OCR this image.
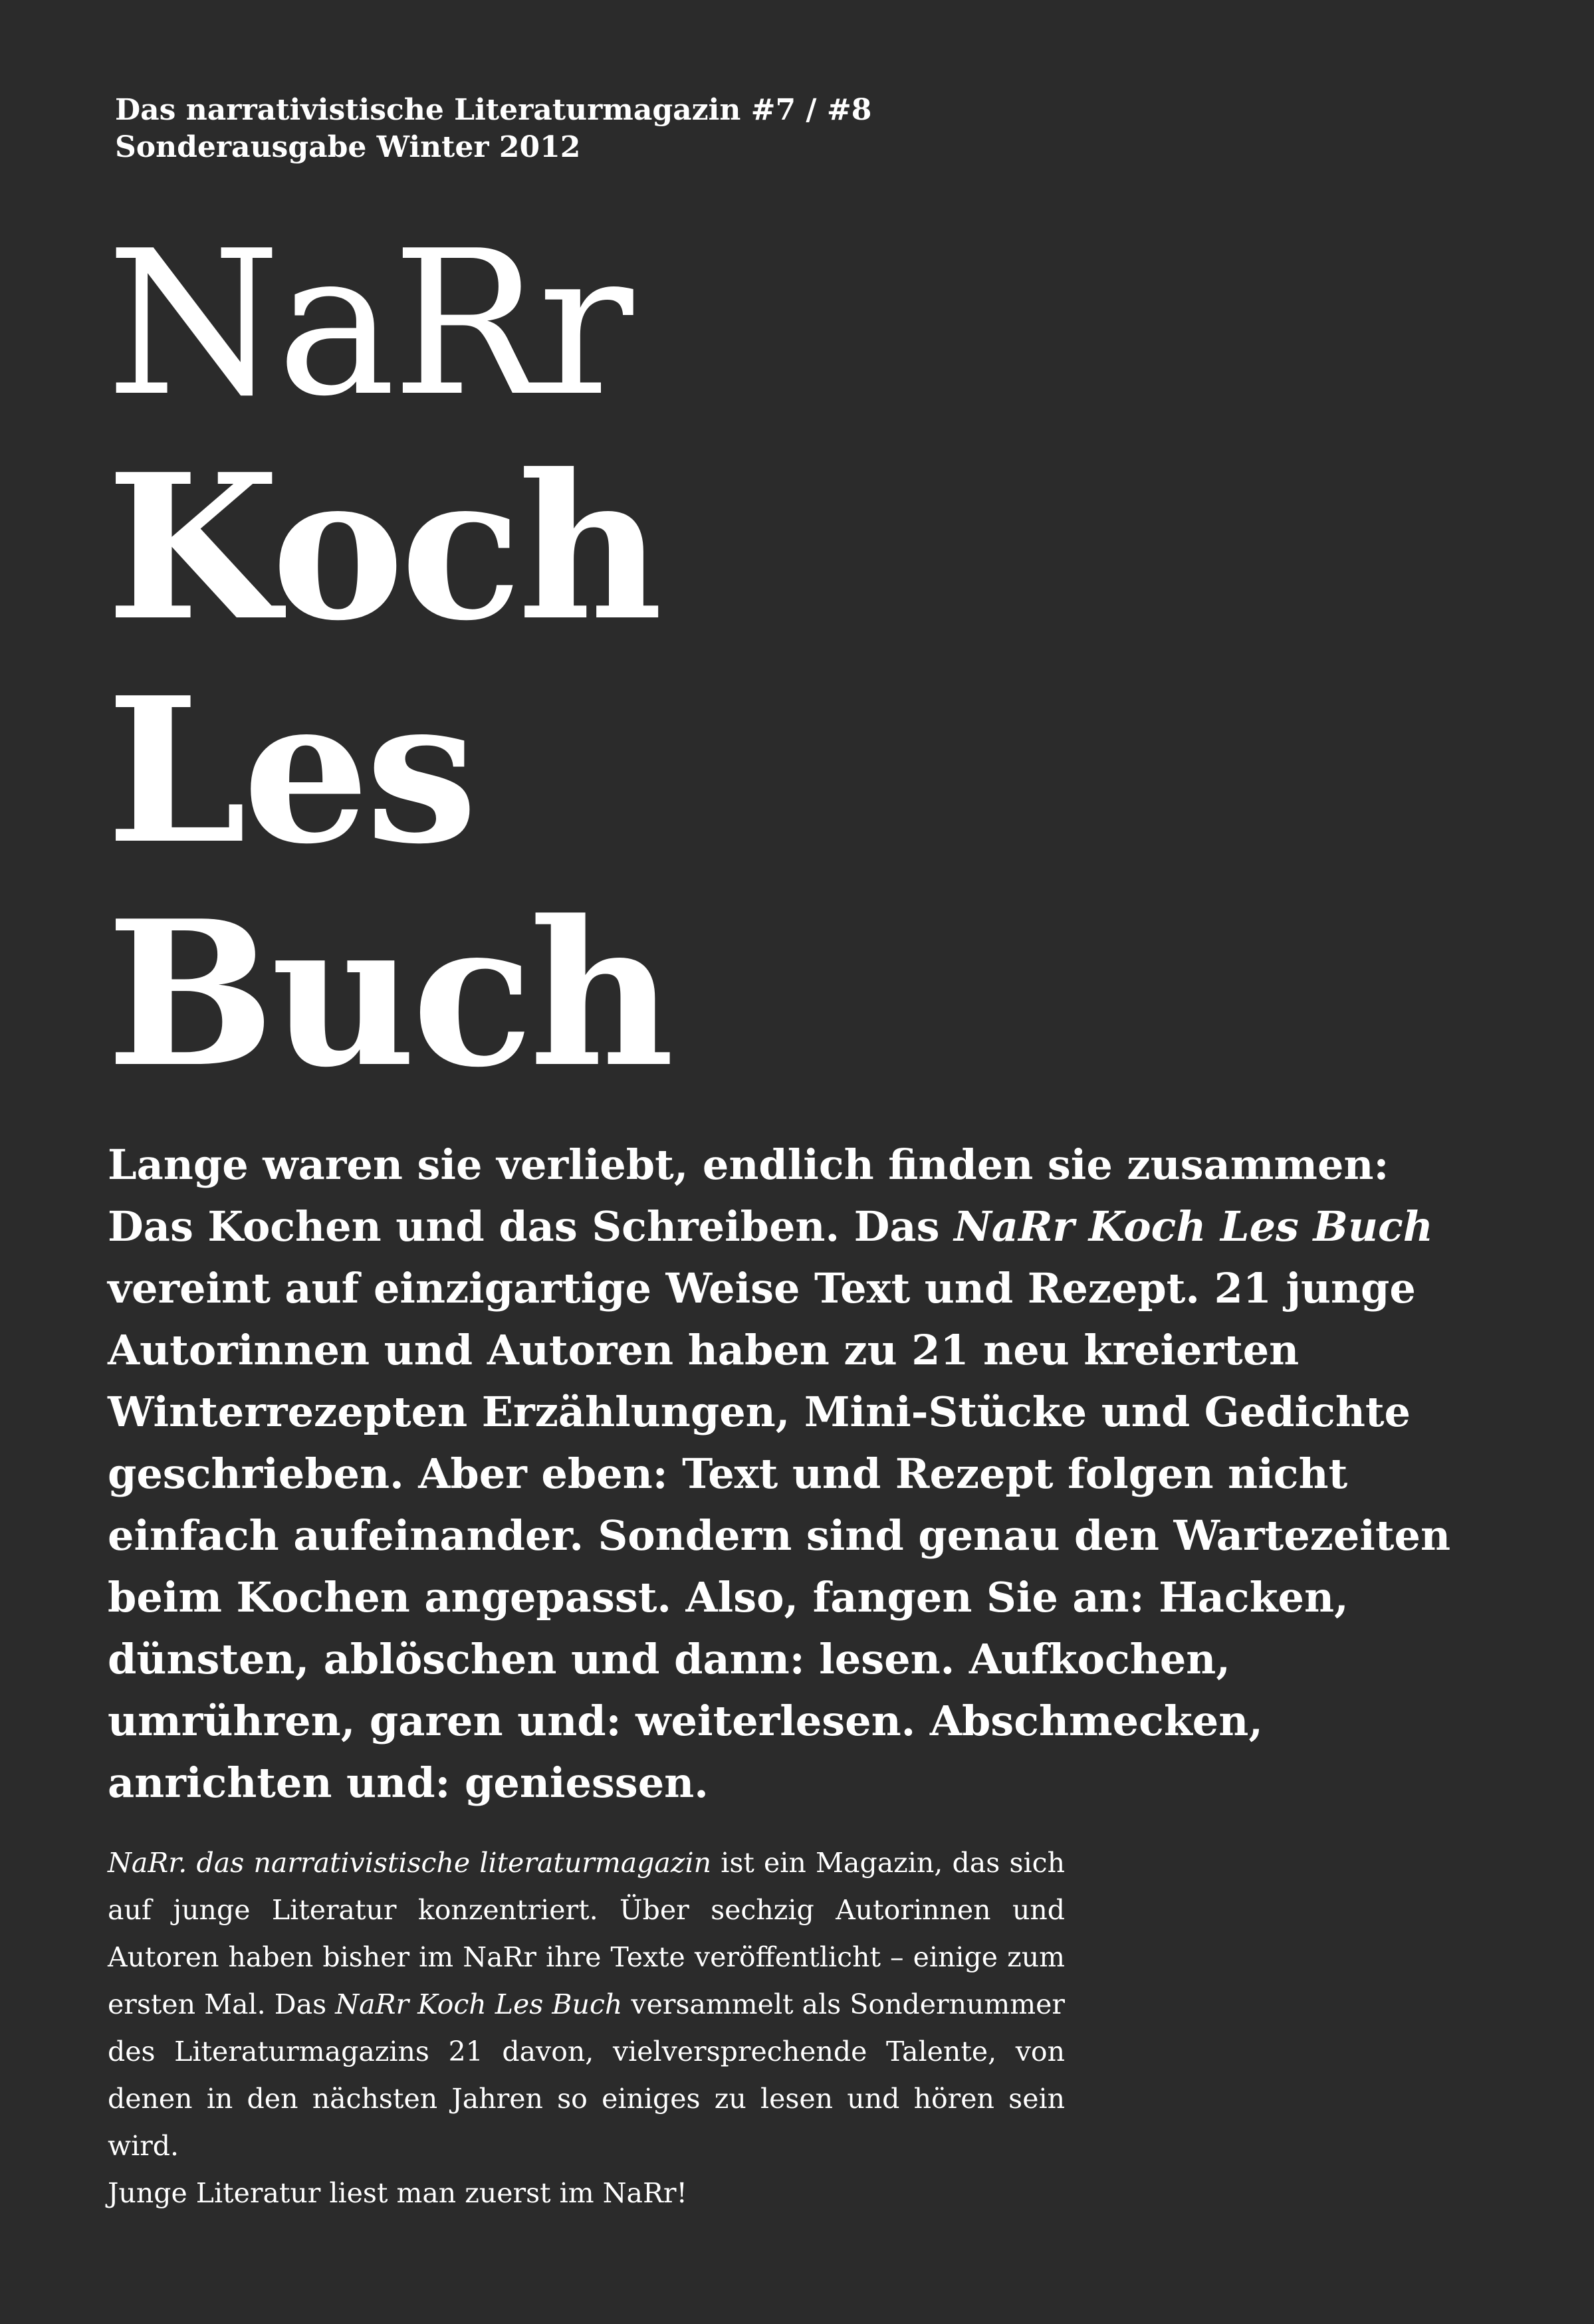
Das narrativistische Literaturmagazin #7 / #8
Sonderausgabe Winter 2012
NaRr
Koch
Les
Buch

Lange waren sie verliebt, endlich finden sie zusammen: Das Kochen und das Schreiben. Das NaRr Koch Les Buch vereint auf einzigartige Weise Text und Rezept. 21 junge Autorinnen und Autoren haben zu 21 neu kreierten Winterrezepten Erzählungen, Mini-Stücke und Gedichte geschrieben. Aber eben: Text und Rezept folgen nicht einfach aufeinander. Sondern sind genau den Wartezeiten beim Kochen angepasst. Also, fangen Sie an: Hacken, dünsten, ablöschen und dann: lesen. Aufkochen, umrühren, garen und: weiterlesen. Abschmecken, anrichten und: geniessen.

NaRr. das narrativistische literaturmagazin ist ein Magazin, das sich auf junge Literatur konzentriert. Über sechzig Autorinnen und Autoren haben bisher im NaRr ihre Texte veröffentlicht – einige zum ersten Mal. Das NaRr Koch Les Buch versammelt als Sondernummer des Literaturmagazins 21 davon, vielversprechende Talente, von denen in den nächsten Jahren so einiges zu lesen und hören sein wird.

Junge Literatur liest man zuerst im NaRr!
